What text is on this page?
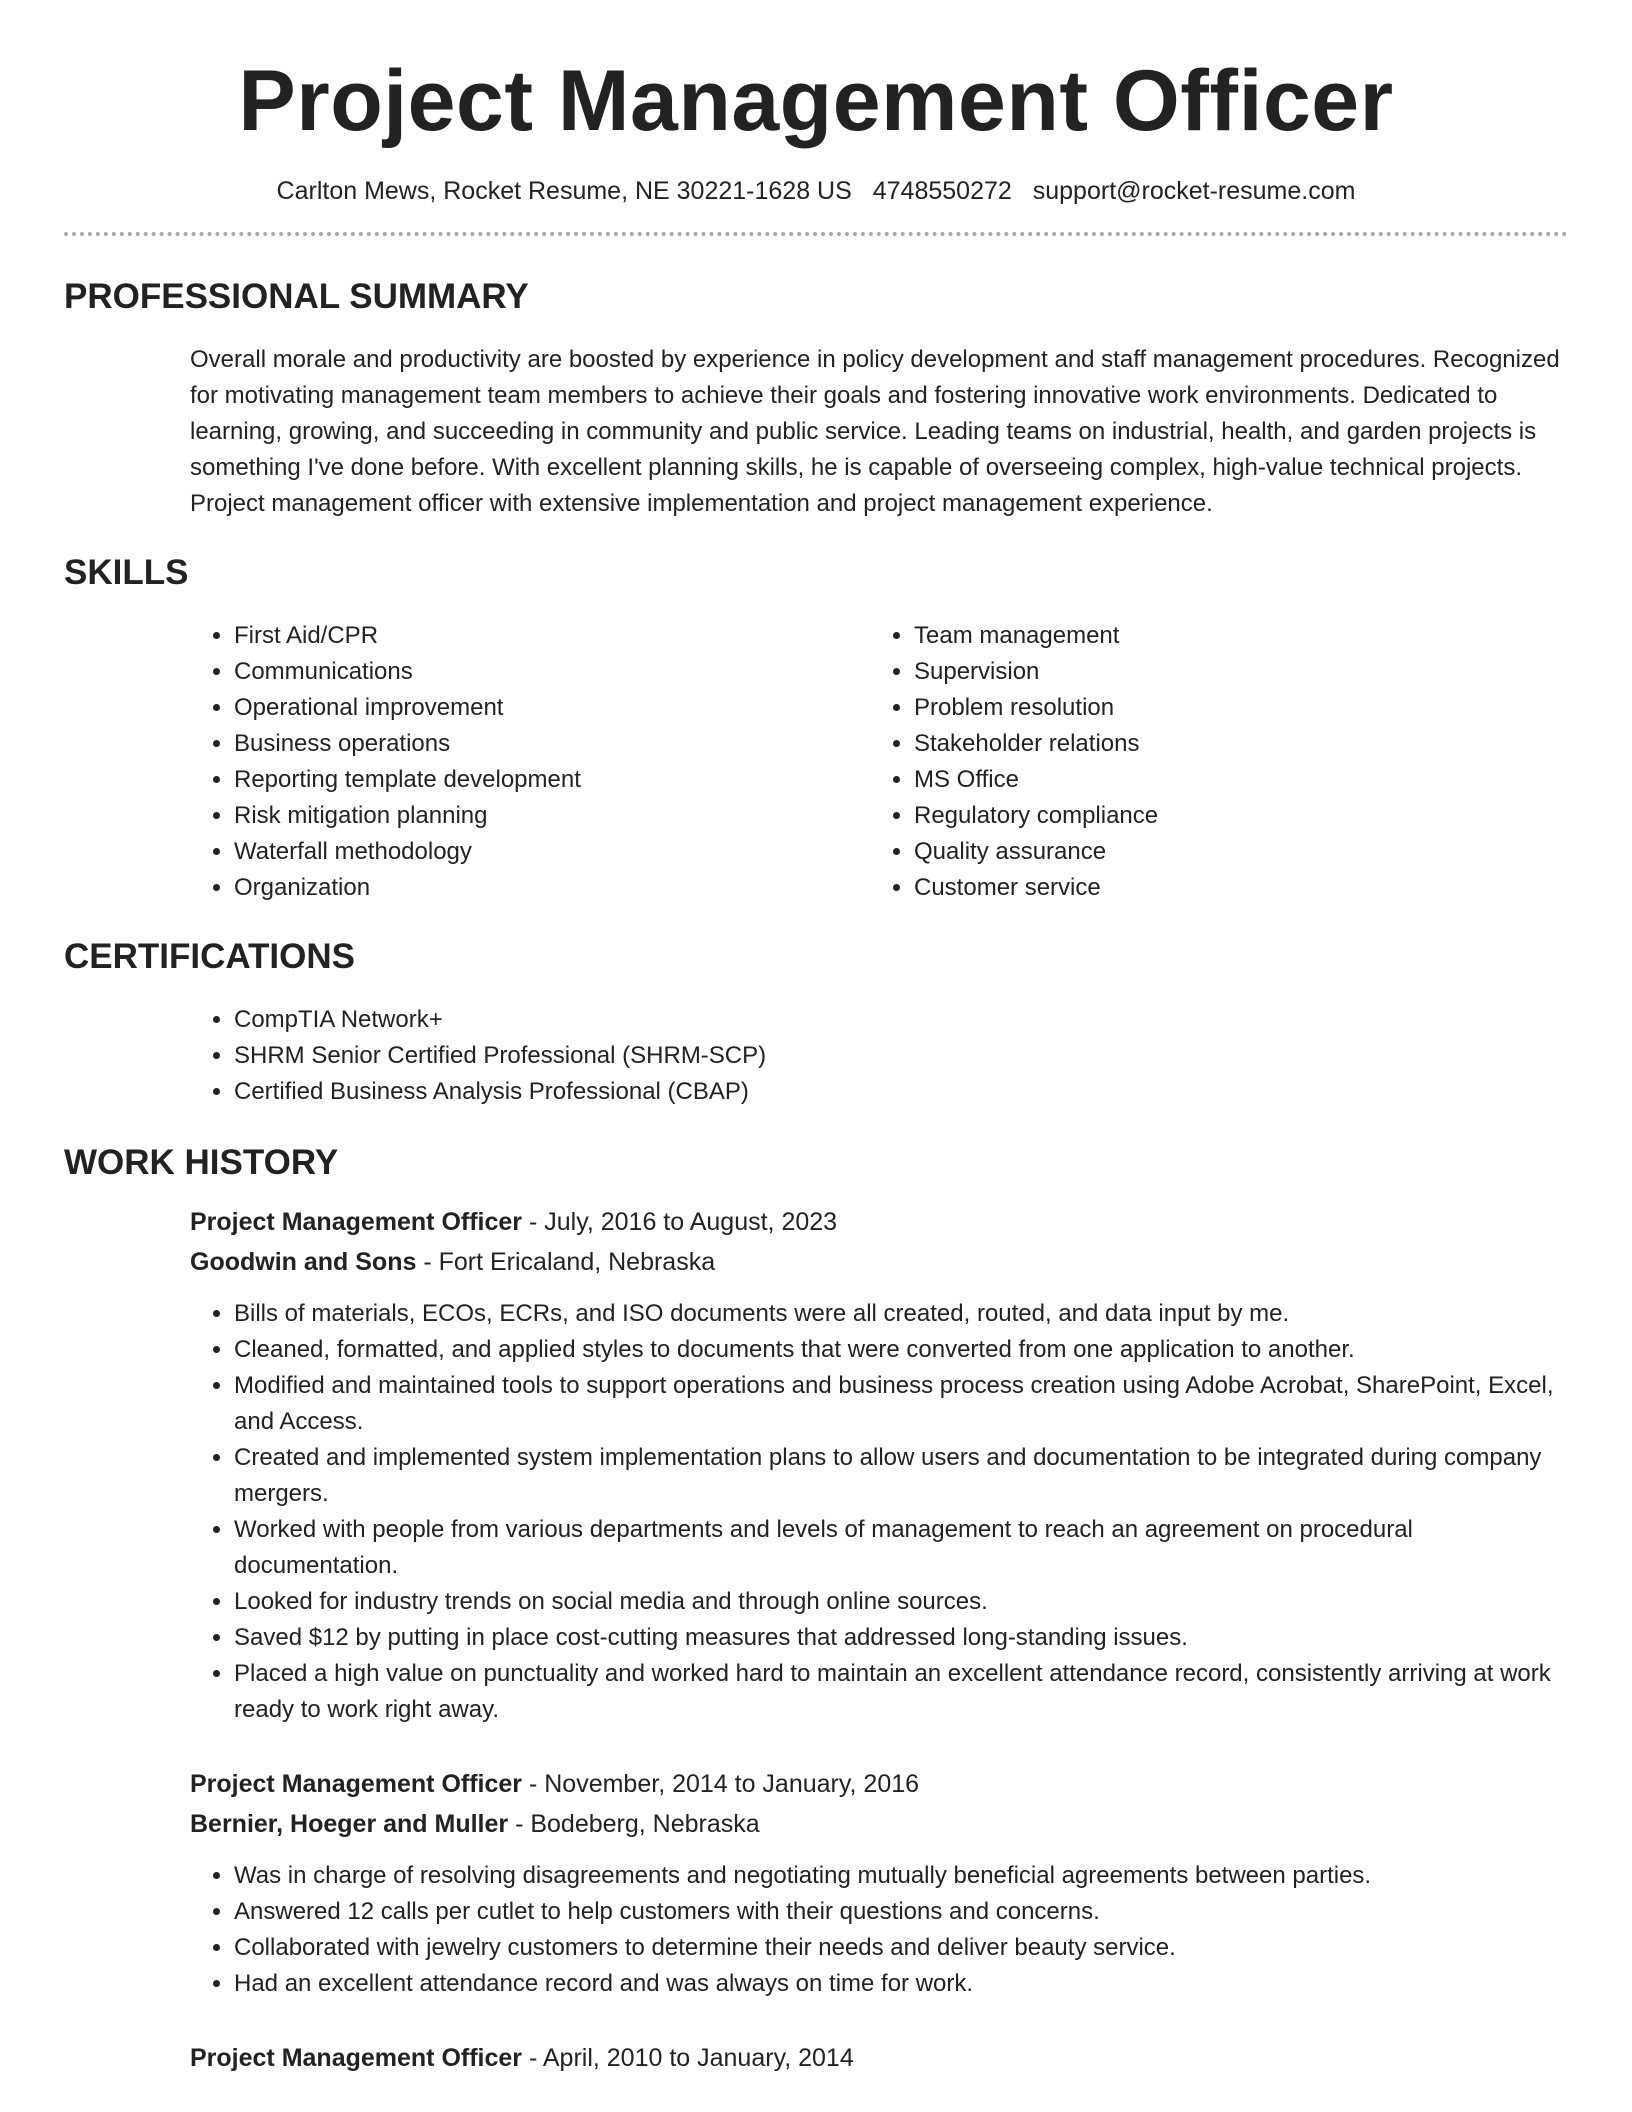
Project Management Officer
Carlton Mews, Rocket Resume, NE 30221-1628 US 4748550272 support@rocket-resume.com
PROFESSIONAL SUMMARY

Overall morale and productivity are boosted by experience in policy development and staff management procedures. Recognized for motivating management team members to achieve their goals and fostering innovative work environments. Dedicated to learning, growing, and succeeding in community and public service. Leading teams on industrial, health, and garden projects is something I've done before. With excellent planning skills, he is capable of overseeing complex, high-value technical projects. Project management officer with extensive implementation and project management experience.

SKILLS
• First Aid/CPR
• Communications
• Operational improvement
• Business operations
• Reporting template development
• Risk mitigation planning
• Waterfall methodology
• Organization
• Team management
• Supervision
• Problem resolution
• Stakeholder relations
• MS Office
• Regulatory compliance
• Quality assurance
• Customer service
CERTIFICATIONS
• CompTIA Network+
• SHRM Senior Certified Professional (SHRM-SCP)
• Certified Business Analysis Professional (CBAP)
WORK HISTORY
Project Management Officer - July, 2016 to August, 2023
Goodwin and Sons - Fort Ericaland, Nebraska
• Bills of materials, ECOs, ECRs, and ISO documents were all created, routed, and data input by me.
• Cleaned, formatted, and applied styles to documents that were converted from one application to another.
• Modified and maintained tools to support operations and business process creation using Adobe Acrobat, SharePoint, Excel, and Access.
• Created and implemented system implementation plans to allow users and documentation to be integrated during company mergers.
• Worked with people from various departments and levels of management to reach an agreement on procedural documentation.
• Looked for industry trends on social media and through online sources.
• Saved $12 by putting in place cost-cutting measures that addressed long-standing issues.
• Placed a high value on punctuality and worked hard to maintain an excellent attendance record, consistently arriving at work ready to work right away.
Project Management Officer - November, 2014 to January, 2016
Bernier, Hoeger and Muller - Bodeberg, Nebraska
• Was in charge of resolving disagreements and negotiating mutually beneficial agreements between parties.
• Answered 12 calls per cutlet to help customers with their questions and concerns.
• Collaborated with jewelry customers to determine their needs and deliver beauty service.
• Had an excellent attendance record and was always on time for work.
Project Management Officer - April, 2010 to January, 2014
